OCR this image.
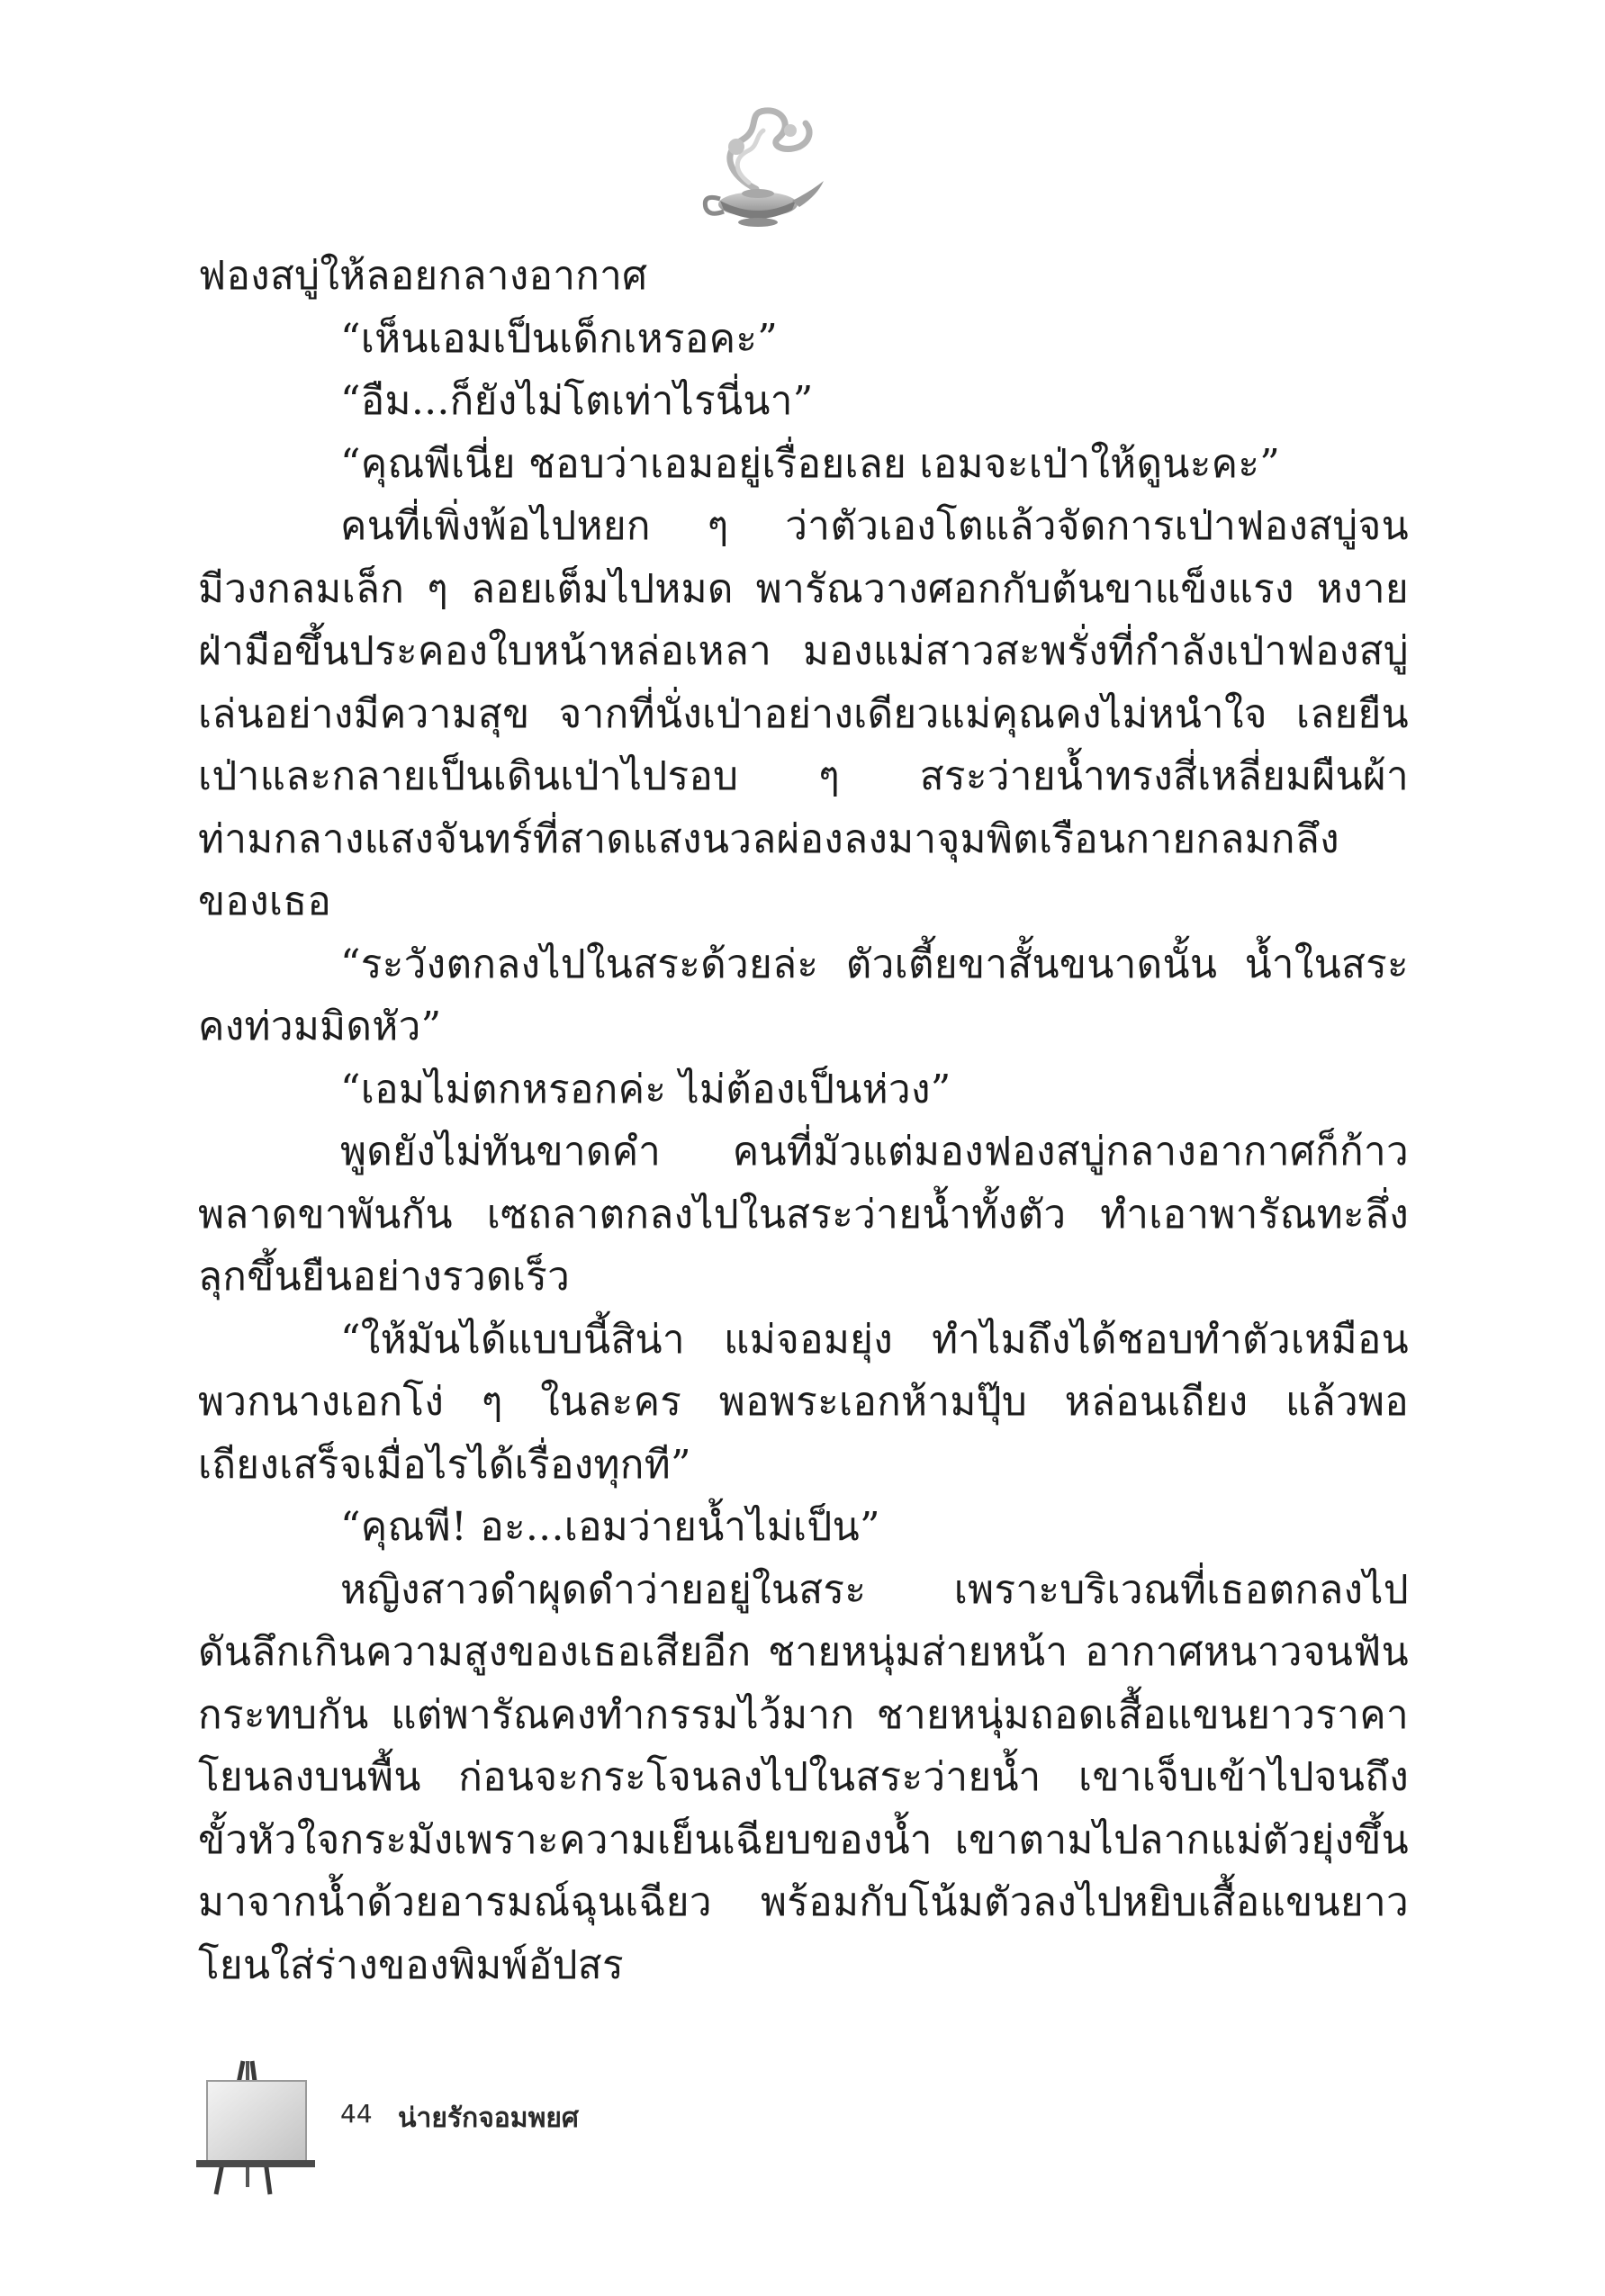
ฟองสบู่ให้ลอยกลางอากาศ
“เห็นเอมเป็นเด็กเหรอคะ”
“อืม...ก็ยังไม่โตเท่าไรนี่นา”
“คุณพีเนี่ย ชอบว่าเอมอยู่เรื่อยเลย เอมจะเป่าให้ดูนะคะ”
คนที่เพิ่งพ้อไปหยก ๆ ว่าตัวเองโตแล้วจัดการเป่าฟองสบู่จน
มีวงกลมเล็ก ๆ ลอยเต็มไปหมด พารัณวางศอกกับต้นขาแข็งแรง หงาย
ฝ่ามือขึ้นประคองใบหน้าหล่อเหลา มองแม่สาวสะพรั่งที่กำลังเป่าฟองสบู่
เล่นอย่างมีความสุข จากที่นั่งเป่าอย่างเดียวแม่คุณคงไม่หนำใจ เลยยืน
เป่าและกลายเป็นเดินเป่าไปรอบ ๆ สระว่ายน้ำทรงสี่เหลี่ยมผืนผ้า
ท่ามกลางแสงจันทร์ที่สาดแสงนวลผ่องลงมาจุมพิตเรือนกายกลมกลึง
ของเธอ
“ระวังตกลงไปในสระด้วยล่ะ ตัวเตี้ยขาสั้นขนาดนั้น น้ำในสระ
คงท่วมมิดหัว”
“เอมไม่ตกหรอกค่ะ ไม่ต้องเป็นห่วง”
พูดยังไม่ทันขาดคำ คนที่มัวแต่มองฟองสบู่กลางอากาศก็ก้าว
พลาดขาพันกัน เซถลาตกลงไปในสระว่ายน้ำทั้งตัว ทำเอาพารัณทะลึ่ง
ลุกขึ้นยืนอย่างรวดเร็ว
“ให้มันได้แบบนี้สิน่า แม่จอมยุ่ง ทำไมถึงได้ชอบทำตัวเหมือน
พวกนางเอกโง่ ๆ ในละคร พอพระเอกห้ามปุ๊บ หล่อนเถียง แล้วพอ
เถียงเสร็จเมื่อไรได้เรื่องทุกที”
“คุณพี! อะ...เอมว่ายน้ำไม่เป็น”
หญิงสาวดำผุดดำว่ายอยู่ในสระ เพราะบริเวณที่เธอตกลงไป
ดันลึกเกินความสูงของเธอเสียอีก ชายหนุ่มส่ายหน้า อากาศหนาวจนฟัน
กระทบกัน แต่พารัณคงทำกรรมไว้มาก ชายหนุ่มถอดเสื้อแขนยาวราคา
โยนลงบนพื้น ก่อนจะกระโจนลงไปในสระว่ายน้ำ เขาเจ็บเข้าไปจนถึง
ขั้วหัวใจกระมังเพราะความเย็นเฉียบของน้ำ เขาตามไปลากแม่ตัวยุ่งขึ้น
มาจากน้ำด้วยอารมณ์ฉุนเฉียว พร้อมกับโน้มตัวลงไปหยิบเสื้อแขนยาว
โยนใส่ร่างของพิมพ์อัปสร
44 น่ายรักจอมพยศ
